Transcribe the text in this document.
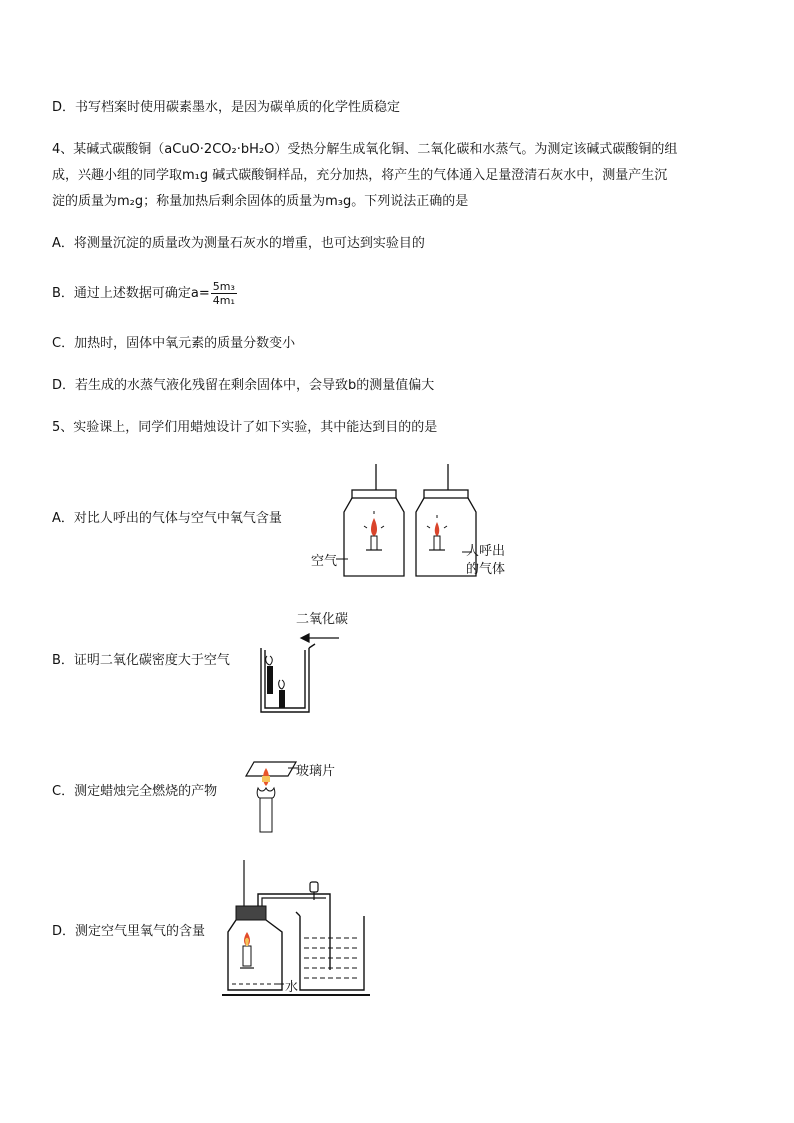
D．书写档案时使用碳素墨水，是因为碳单质的化学性质稳定
4、某碱式碳酸铜（aCuO·2CO₂·bH₂O）受热分解生成氧化铜、二氧化碳和水蒸气。为测定该碱式碳酸铜的组
成，兴趣小组的同学取m₁g 碱式碳酸铜样品，充分加热，将产生的气体通入足量澄清石灰水中，测量产生沉
淀的质量为m₂g；称量加热后剩余固体的质量为m₃g。下列说法正确的是
A．将测量沉淀的质量改为测量石灰水的增重，也可达到实验目的
B．通过上述数据可确定$a= \frac{\text{5m₃}}{\text{4m₁}}$
C．加热时，固体中氧元素的质量分数变小
D．若生成的水蒸气液化残留在剩余固体中，会导致b的测量值偏大
5、实验课上，同学们用蜡烛设计了如下实验，其中能达到目的的是
A．对比人呼出的气体与空气中氧气含量
空气
人呼出
的气体
二氧化碳
B．证明二氧化碳密度大于空气
玻璃片
C．测定蜡烛完全燃烧的产物
D．测定空气里氧气的含量
水
